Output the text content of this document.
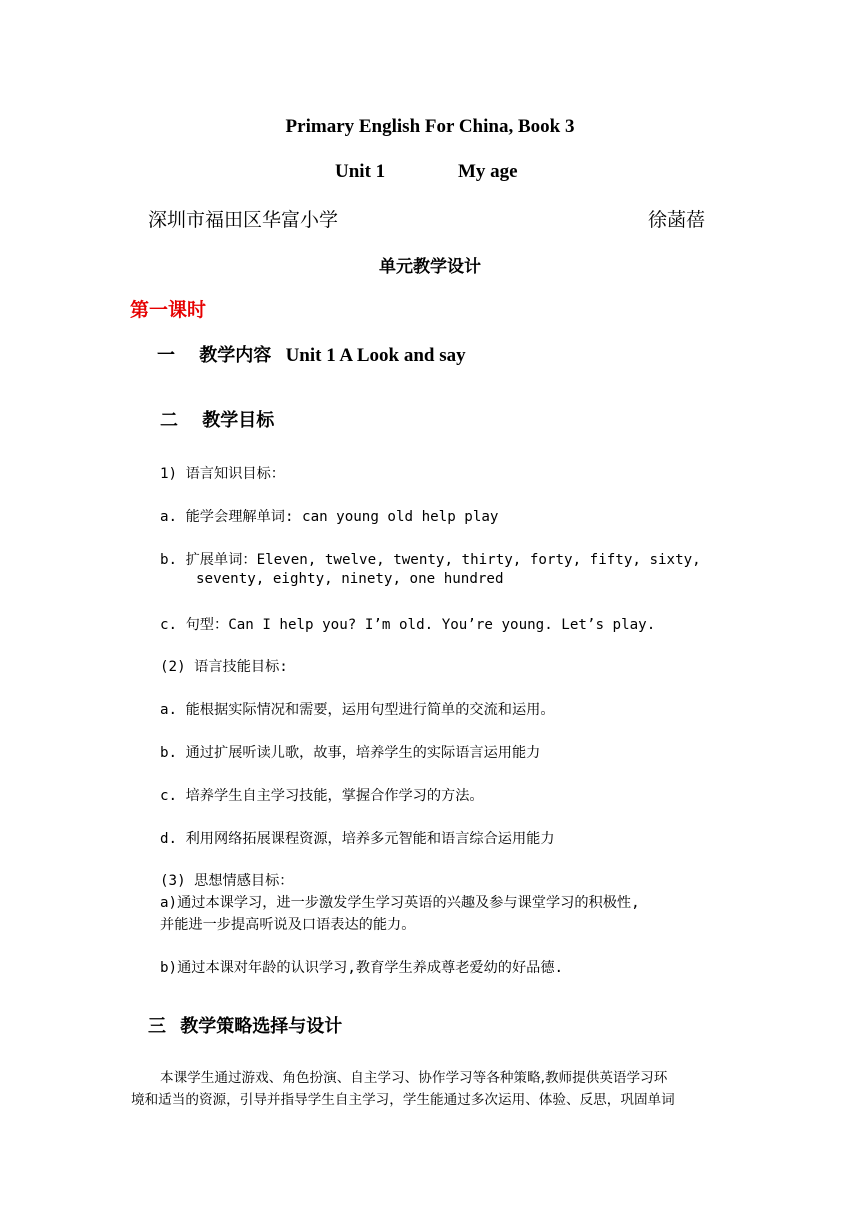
Primary English For China, Book 3
Unit 1	My age
深圳市福田区华富小学	徐菡蓓
单元教学设计
第一课时
一 教学内容 Unit 1 A Look and say
二 教学目标
1) 语言知识目标：
a. 能学会理解单词: can young old help play
b. 扩展单词：Eleven, twelve, twenty, thirty, forty, fifty, sixty,
seventy, eighty, ninety, one hundred
c. 句型：Can I help you? I’m old. You’re young. Let’s play.
(2) 语言技能目标:
a. 能根据实际情况和需要，运用句型进行简单的交流和运用。
b. 通过扩展听读儿歌，故事，培养学生的实际语言运用能力
c. 培养学生自主学习技能，掌握合作学习的方法。
d. 利用网络拓展课程资源，培养多元智能和语言综合运用能力
(3) 思想情感目标：
a)通过本课学习，进一步激发学生学习英语的兴趣及参与课堂学习的积极性,
并能进一步提高听说及口语表达的能力。
b)通过本课对年龄的认识学习,教育学生养成尊老爱幼的好品德.
三 教学策略选择与设计
本课学生通过游戏、角色扮演、自主学习、协作学习等各种策略,教师提供英语学习环
境和适当的资源，引导并指导学生自主学习，学生能通过多次运用、体验、反思，巩固单词
